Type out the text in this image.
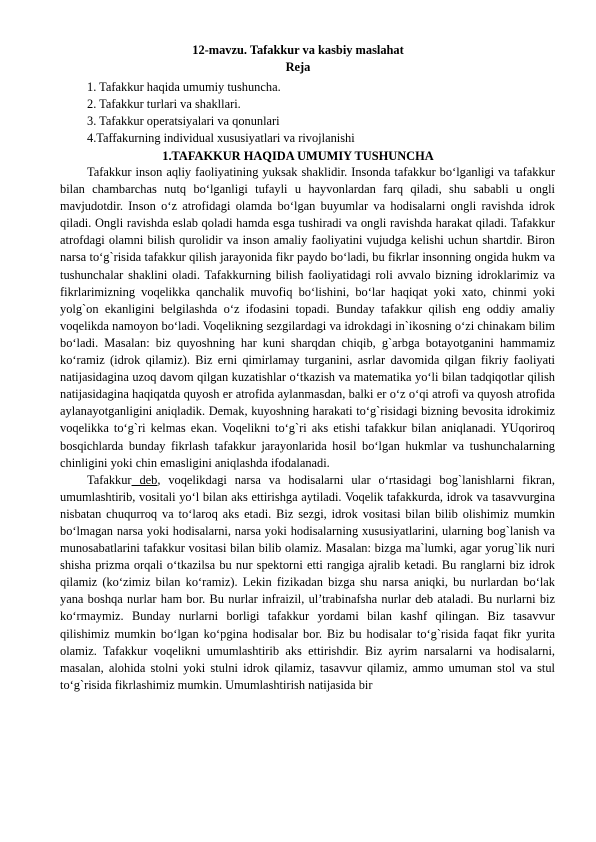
12-mavzu. Tafakkur va kasbiy maslahat
Reja
1. Tafakkur haqida umumiy tushuncha.
2. Tafakkur turlari va shakllari.
3. Tafakkur operatsiyalari va qonunlari
4.Taffakurning individual xususiyatlari va rivojlanishi
1.TAFAKKUR HAQIDA UMUMIY TUSHUNCHA

Tafakkur inson aqliy faoliyatining yuksak shaklidir. Insonda tafakkur bo‘lganligi va tafakkur bilan chambarchas nutq bo‘lganligi tufayli u hayvonlardan farq qiladi, shu sababli u ongli mavjudotdir. Inson o‘z atrofidagi olamda bo‘lgan buyumlar va hodisalarni ongli ravishda idrok qiladi. Ongli ravishda eslab qoladi hamda esga tushiradi va ongli ravishda harakat qiladi. Tafakkur atrofdagi olamni bilish qurolidir va inson amaliy faoliyatini vujudga kelishi uchun shartdir. Biron narsa to‘g`risida tafakkur qilish jarayonida fikr paydo bo‘ladi, bu fikrlar insonning ongida hukm va tushunchalar shaklini oladi. Tafakkurning bilish faoliyatidagi roli avvalo bizning idroklarimiz va fikrlarimizning voqelikka qanchalik muvofiq bo‘lishini, bo‘lar haqiqat yoki xato, chinmi yoki yolg`on ekanligini belgilashda o‘z ifodasini topadi. Bunday tafakkur qilish eng oddiy amaliy voqelikda namoyon bo‘ladi. Voqelikning sezgilardagi va idrokdagi in`ikosning o‘zi chinakam bilim bo‘ladi. Masalan: biz quyoshning har kuni sharqdan chiqib, g`arbga botayotganini hammamiz ko‘ramiz (idrok qilamiz). Biz erni qimirlamay turganini, asrlar davomida qilgan fikriy faoliyati natijasidagina uzoq davom qilgan kuzatishlar o‘tkazish va matematika yo‘li bilan tadqiqotlar qilish natijasidagina haqiqatda quyosh er atrofida aylanmasdan, balki er o‘z o‘qi atrofi va quyosh atrofida aylanayotganligini aniqladik. Demak, kuyoshning harakati to‘g`risidagi bizning bevosita idrokimiz voqelikka to‘g`ri kelmas ekan. Voqelikni to‘g`ri aks etishi tafakkur bilan aniqlanadi. YUqoriroq bosqichlarda bunday fikrlash tafakkur jarayonlarida hosil bo‘lgan hukmlar va tushunchalarning chinligini yoki chin emasligini aniqlashda ifodalanadi.

Tafakkur deb, voqelikdagi narsa va hodisalarni ular o‘rtasidagi bog`lanishlarni fikran, umumlashtirib, vositali yo‘l bilan aks ettirishga aytiladi. Voqelik tafakkurda, idrok va tasavvurgina nisbatan chuqurroq va to‘laroq aks etadi. Biz sezgi, idrok vositasi bilan bilib olishimiz mumkin bo‘lmagan narsa yoki hodisalarni, narsa yoki hodisalarning xususiyatlarini, ularning bog`lanish va munosabatlarini tafakkur vositasi bilan bilib olamiz. Masalan: bizga ma`lumki, agar yorug`lik nuri shisha prizma orqali o‘tkazilsa bu nur spektorni etti rangiga ajralib ketadi. Bu ranglarni biz idrok qilamiz (ko‘zimiz bilan ko‘ramiz). Lekin fizikadan bizga shu narsa aniqki, bu nurlardan bo‘lak yana boshqa nurlar ham bor. Bu nurlar infraizil, ul’trabinafsha nurlar deb ataladi. Bu nurlarni biz ko‘rmaymiz. Bunday nurlarni borligi tafakkur yordami bilan kashf qilingan. Biz tasavvur qilishimiz mumkin bo‘lgan ko‘pgina hodisalar bor. Biz bu hodisalar to‘g`risida faqat fikr yurita olamiz. Tafakkur voqelikni umumlashtirib aks ettirishdir. Biz ayrim narsalarni va hodisalarni, masalan, alohida stolni yoki stulni idrok qilamiz, tasavvur qilamiz, ammo umuman stol va stul to‘g`risida fikrlashimiz mumkin. Umumlashtirish natijasida bir
